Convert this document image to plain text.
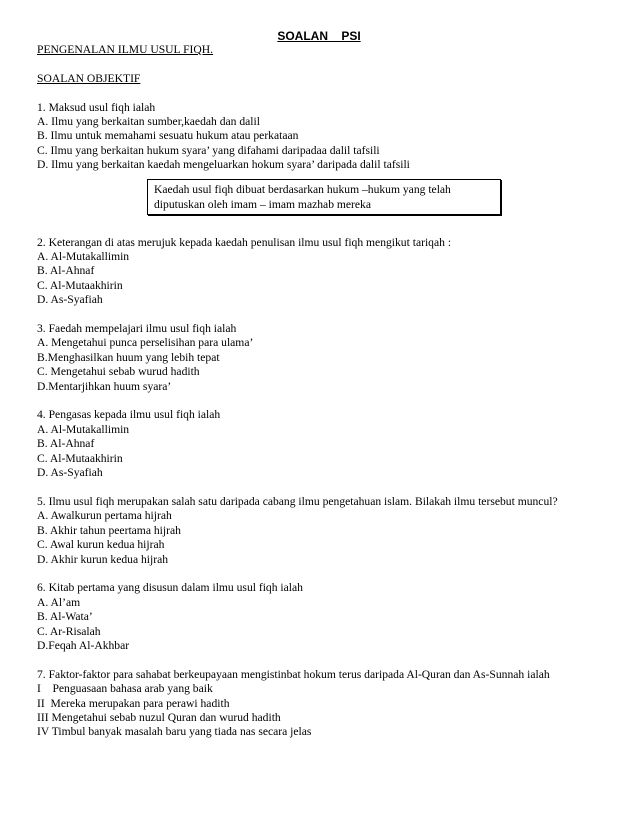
SOALAN    PSI
PENGENALAN ILMU USUL FIQH.
SOALAN OBJEKTIF
1. Maksud usul fiqh ialah
A. Ilmu yang berkaitan sumber,kaedah dan dalil
B. Ilmu untuk memahami sesuatu hukum atau perkataan
C. Ilmu yang berkaitan hukum syara’ yang difahami daripadaa dalil tafsili
D. Ilmu yang berkaitan kaedah mengeluarkan hokum syara’ daripada dalil tafsili
Kaedah usul fiqh dibuat berdasarkan hukum –hukum yang telah
diputuskan oleh imam – imam mazhab mereka
2. Keterangan di atas merujuk kepada kaedah penulisan ilmu usul fiqh mengikut tariqah :
A. Al-Mutakallimin
B. Al-Ahnaf
C. Al-Mutaakhirin
D. As-Syafiah
3. Faedah mempelajari ilmu usul fiqh ialah
A. Mengetahui punca perselisihan para ulama’
B.Menghasilkan huum yang lebih tepat
C. Mengetahui sebab wurud hadith
D.Mentarjihkan huum syara’
4. Pengasas kepada ilmu usul fiqh ialah
A. Al-Mutakallimin
B. Al-Ahnaf
C. Al-Mutaakhirin
D. As-Syafiah
5. Ilmu usul fiqh merupakan salah satu daripada cabang ilmu pengetahuan islam. Bilakah ilmu tersebut muncul?
A. Awalkurun pertama hijrah
B. Akhir tahun peertama hijrah
C. Awal kurun kedua hijrah
D. Akhir kurun kedua hijrah
6. Kitab pertama yang disusun dalam ilmu usul fiqh ialah
A. Al’am
B. Al-Wata’
C. Ar-Risalah
D.Feqah Al-Akhbar
7. Faktor-faktor para sahabat berkeupayaan mengistinbat hokum terus daripada Al-Quran dan As-Sunnah ialah
I    Penguasaan bahasa arab yang baik
II  Mereka merupakan para perawi hadith
III Mengetahui sebab nuzul Quran dan wurud hadith
IV Timbul banyak masalah baru yang tiada nas secara jelas
